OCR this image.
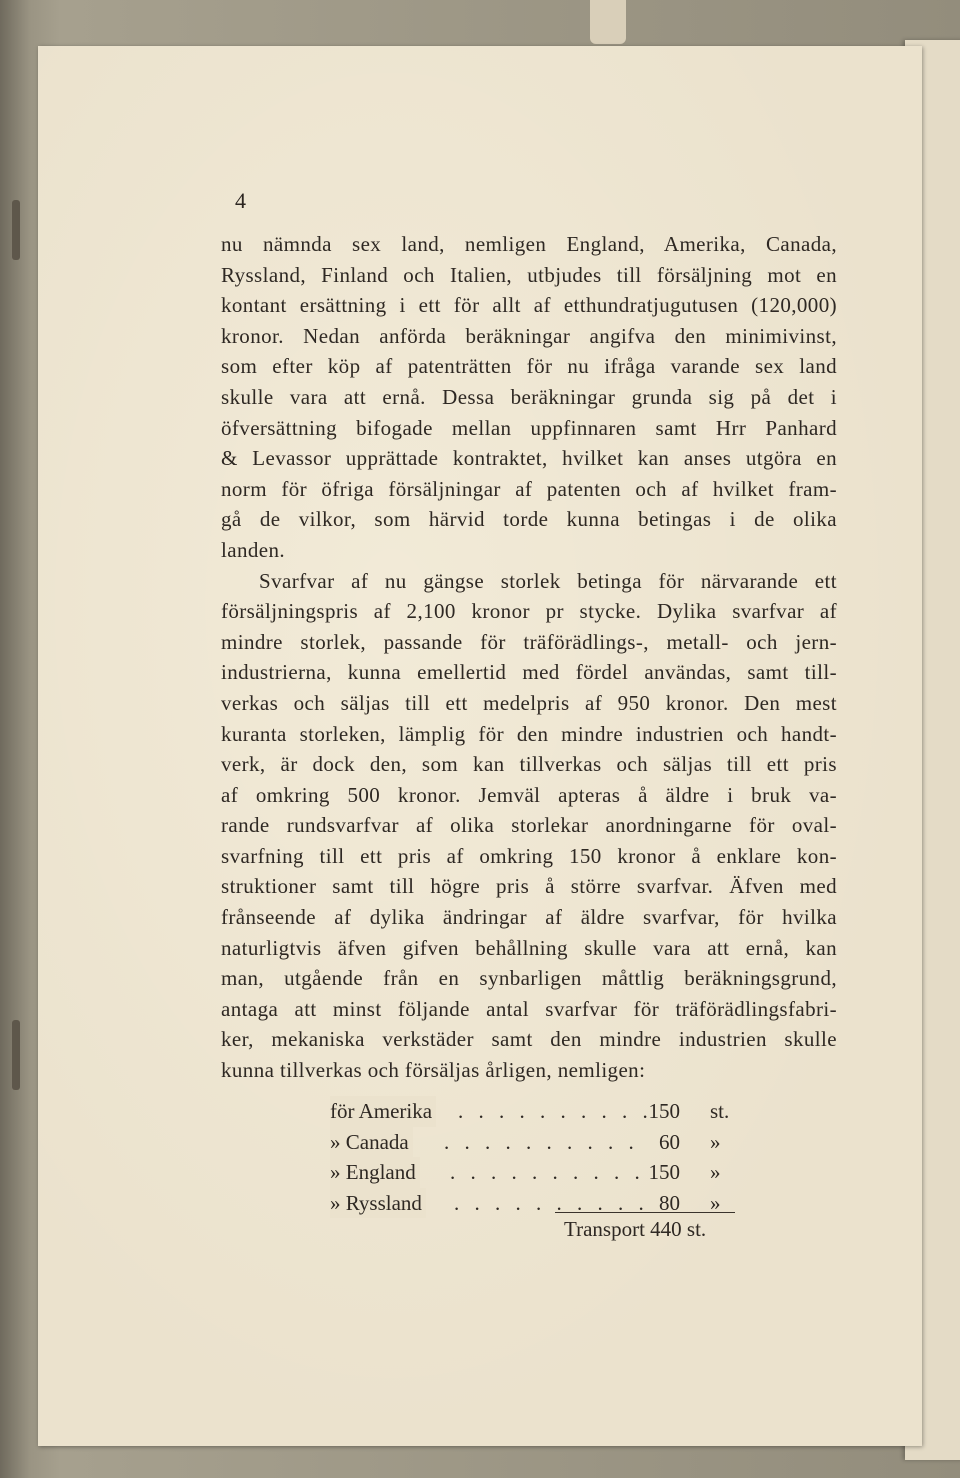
4
nu nämnda sex land, nemligen England, Amerika, Canada,
Ryssland, Finland och Italien, utbjudes till försäljning mot en
kontant ersättning i ett för allt af etthundratjugutusen (120,000)
kronor. Nedan anförda beräkningar angifva den minimivinst,
som efter köp af patenträtten för nu ifråga varande sex land
skulle vara att ernå. Dessa beräkningar grunda sig på det i
öfversättning bifogade mellan uppfinnaren samt Hrr Panhard
& Levassor upprättade kontraktet, hvilket kan anses utgöra en
norm för öfriga försäljningar af patenten och af hvilket fram-
gå de vilkor, som härvid torde kunna betingas i de olika
landen.
Svarfvar af nu gängse storlek betinga för närvarande ett
försäljningspris af 2,100 kronor pr stycke. Dylika svarfvar af
mindre storlek, passande för träförädlings-, metall- och jern-
industrierna, kunna emellertid med fördel användas, samt till-
verkas och säljas till ett medelpris af 950 kronor. Den mest
kuranta storleken, lämplig för den mindre industrien och handt-
verk, är dock den, som kan tillverkas och säljas till ett pris
af omkring 500 kronor. Jemväl apteras å äldre i bruk va-
rande rundsvarfvar af olika storlekar anordningarne för oval-
svarfning till ett pris af omkring 150 kronor å enklare kon-
struktioner samt till högre pris å större svarfvar. Äfven med
frånseende af dylika ändringar af äldre svarfvar, för hvilka
naturligtvis äfven gifven behållning skulle vara att ernå, kan
man, utgående från en synbarligen måttlig beräkningsgrund,
antaga att minst följande antal svarfvar för träförädlingsfabri-
ker, mekaniska verkstäder samt den mindre industrien skulle
kunna tillverkas och försäljas årligen, nemligen:
. . . . . . . . . .
för Amerika	150 st.
. . . . . . . . . .
» Canada	60 »
. . . . . . . . . .
» England	150 »
. . . . . . . . . .
» Ryssland	80 »
Transport 440 st.
